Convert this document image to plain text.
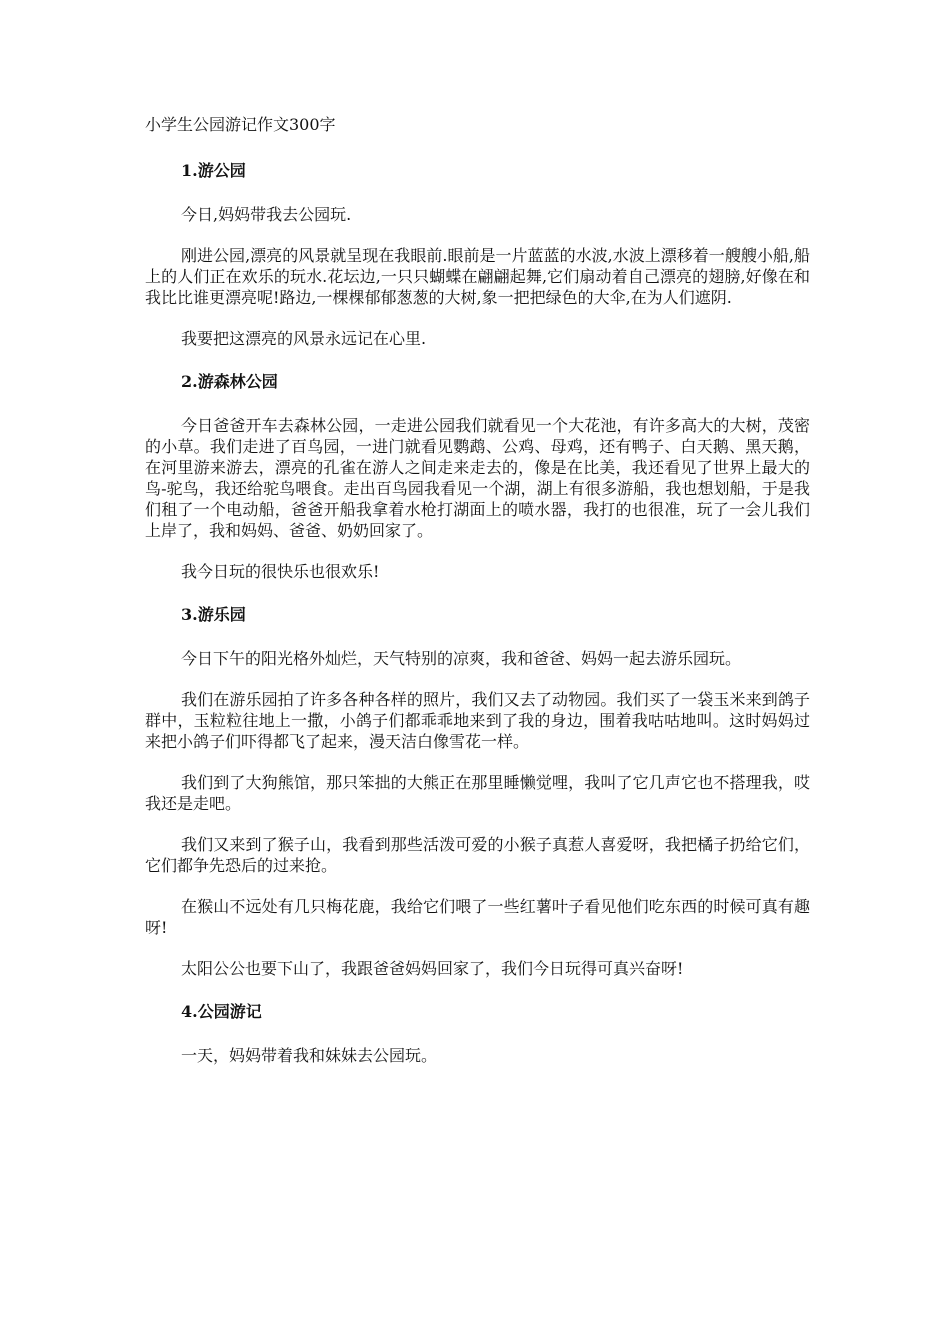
小学生公园游记作文300字
1.游公园

今日,妈妈带我去公园玩.

刚进公园,漂亮的风景就呈现在我眼前.眼前是一片蓝蓝的水波,水波上漂移着一艘艘小船,船上的人们正在欢乐的玩水.花坛边,一只只蝴蝶在翩翩起舞,它们扇动着自己漂亮的翅膀,好像在和我比比谁更漂亮呢!路边,一棵棵郁郁葱葱的大树,象一把把绿色的大伞,在为人们遮阴.

我要把这漂亮的风景永远记在心里.

2.游森林公园

今日爸爸开车去森林公园，一走进公园我们就看见一个大花池，有许多高大的大树，茂密的小草。我们走进了百鸟园，一进门就看见鹦鹉、公鸡、母鸡，还有鸭子、白天鹅、黑天鹅，在河里游来游去，漂亮的孔雀在游人之间走来走去的，像是在比美，我还看见了世界上最大的鸟-驼鸟，我还给驼鸟喂食。走出百鸟园我看见一个湖，湖上有很多游船，我也想划船，于是我们租了一个电动船，爸爸开船我拿着水枪打湖面上的喷水器，我打的也很准，玩了一会儿我们上岸了，我和妈妈、爸爸、奶奶回家了。

我今日玩的很快乐也很欢乐!

3.游乐园

今日下午的阳光格外灿烂，天气特别的凉爽，我和爸爸、妈妈一起去游乐园玩。

我们在游乐园拍了许多各种各样的照片，我们又去了动物园。我们买了一袋玉米来到鸽子群中，玉粒粒往地上一撒，小鸽子们都乖乖地来到了我的身边，围着我咕咕地叫。这时妈妈过来把小鸽子们吓得都飞了起来，漫天洁白像雪花一样。

我们到了大狗熊馆，那只笨拙的大熊正在那里睡懒觉哩，我叫了它几声它也不搭理我，哎我还是走吧。

我们又来到了猴子山，我看到那些活泼可爱的小猴子真惹人喜爱呀，我把橘子扔给它们，它们都争先恐后的过来抢。

在猴山不远处有几只梅花鹿，我给它们喂了一些红薯叶子看见他们吃东西的时候可真有趣呀!

太阳公公也要下山了，我跟爸爸妈妈回家了，我们今日玩得可真兴奋呀!

4.公园游记

一天，妈妈带着我和妹妹去公园玩。
